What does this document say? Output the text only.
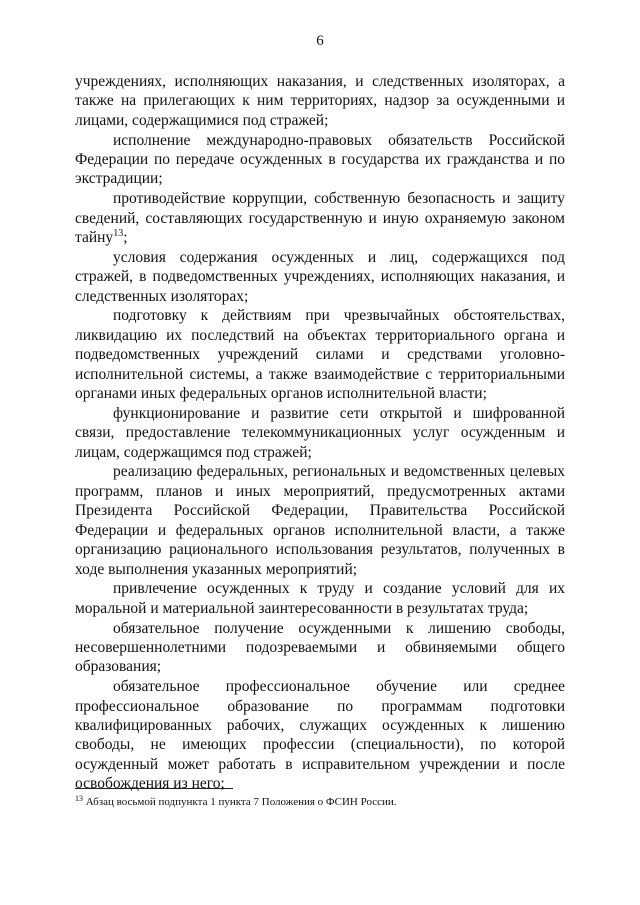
6

учреждениях, исполняющих наказания, и следственных изоляторах, а также на прилегающих к ним территориях, надзор за осужденными и лицами, содержащимися под стражей;

исполнение международно-правовых обязательств Российской Федерации по передаче осужденных в государства их гражданства и по экстрадиции;

противодействие коррупции, собственную безопасность и защиту сведений, составляющих государственную и иную охраняемую законом тайну$^{13}$;

условия содержания осужденных и лиц, содержащихся под стражей, в подведомственных учреждениях, исполняющих наказания, и следственных изоляторах;

подготовку к действиям при чрезвычайных обстоятельствах, ликвидацию их последствий на объектах территориального органа и подведомственных учреждений силами и средствами уголовно-исполнительной системы, а также взаимодействие с территориальными органами иных федеральных органов исполнительной власти;

функционирование и развитие сети открытой и шифрованной связи, предоставление телекоммуникационных услуг осужденным и лицам, содержащимся под стражей;

реализацию федеральных, региональных и ведомственных целевых программ, планов и иных мероприятий, предусмотренных актами Президента Российской Федерации, Правительства Российской Федерации и федеральных органов исполнительной власти, а также организацию рационального использования результатов, полученных в ходе выполнения указанных мероприятий;

привлечение осужденных к труду и создание условий для их моральной и материальной заинтересованности в результатах труда;

обязательное получение осужденными к лишению свободы, несовершеннолетними подозреваемыми и обвиняемыми общего образования;

обязательное профессиональное обучение или среднее профессиональное образование по программам подготовки квалифицированных рабочих, служащих осужденных к лишению свободы, не имеющих профессии (специальности), по которой осужденный может работать в исправительном учреждении и после освобождения из него;

$^{13}$ Абзац восьмой подпункта 1 пункта 7 Положения о ФСИН России.
